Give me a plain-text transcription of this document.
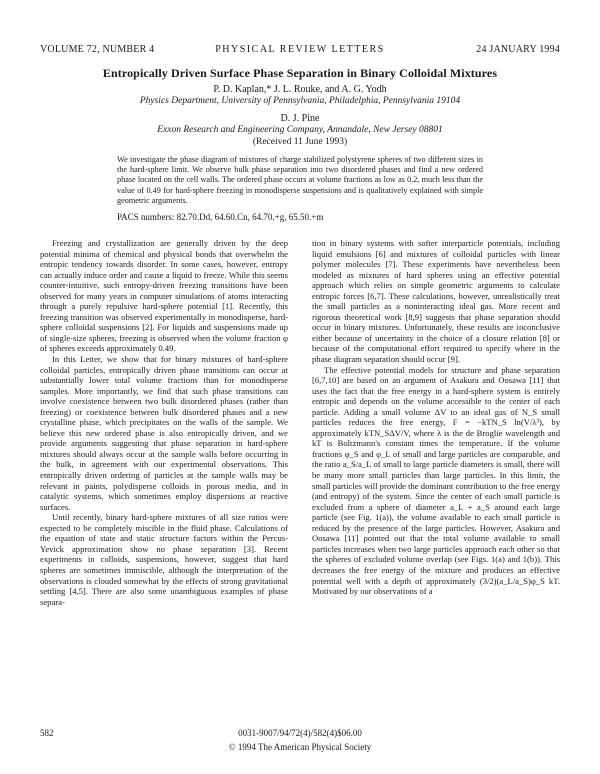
VOLUME 72, NUMBER 4	PHYSICAL REVIEW LETTERS	24 JANUARY 1994
Entropically Driven Surface Phase Separation in Binary Colloidal Mixtures
P. D. Kaplan,* J. L. Rouke, and A. G. Yodh
Physics Department, University of Pennsylvania, Philadelphia, Pennsylvania 19104
D. J. Pine
Exxon Research and Engineering Company, Annandale, New Jersey 08801
(Received 11 June 1993)

We investigate the phase diagram of mixtures of charge stabilized polystyrene spheres of two different sizes in the hard-sphere limit. We observe bulk phase separation into two disordered phases and find a new ordered phase located on the cell walls. The ordered phase occurs at volume fractions as low as 0.2, much less than the value of 0.49 for hard-sphere freezing in monodisperse suspensions and is qualitatively explained with simple geometric arguments.

PACS numbers: 82.70.Dd, 64.60.Cn, 64.70.+g, 65.50.+m

Freezing and crystallization are generally driven by the deep potential minima of chemical and physical bonds that overwhelm the entropic tendency towards disorder. In some cases, however, entropy can actually induce order and cause a liquid to freeze. While this seems counter-intuitive, such entropy-driven freezing transitions have been observed for many years in computer simulations of atoms interacting through a purely repulsive hard-sphere potential [1]. Recently, this freezing transition was observed experimentally in monodisperse, hard-sphere colloidal suspensions [2]. For liquids and suspensions made up of single-size spheres, freezing is observed when the volume fraction φ of spheres exceeds approximately 0.49.

In this Letter, we show that for binary mixtures of hard-sphere colloidal particles, entropically driven phase transitions can occur at substantially lower total volume fractions than for monodisperse samples. More importantly, we find that such phase transitions can involve coexistence between two bulk disordered phases (rather than freezing) or coexistence between bulk disordered phases and a new crystalline phase, which precipitates on the walls of the sample. We believe this new ordered phase is also entropically driven, and we provide arguments suggesting that phase separation in hard-sphere mixtures should always occur at the sample walls before occurring in the bulk, in agreement with our experimental observations. This entropically driven ordering of particles at the sample walls may be relevant in paints, polydisperse colloids in porous media, and in catalytic systems, which sometimes employ dispersions at reactive surfaces.

Until recently, binary hard-sphere mixtures of all size ratios were expected to be completely miscible in the fluid phase. Calculations of the equation of state and static structure factors within the Percus-Yevick approximation show no phase separation [3]. Recent experiments in colloids, suspensions, however, suggest that hard spheres are sometimes immiscible, although the interpretation of the observations is clouded somewhat by the effects of strong gravitational settling [4,5]. There are also some unambiguous examples of phase separa-

tion in binary systems with softer interparticle potentials, including liquid emulsions [6] and mixtures of colloidal particles with linear polymer molecules [7]. These experiments have nevertheless been modeled as mixtures of hard spheres using an effective potential approach which relies on simple geometric arguments to calculate entropic forces [6,7]. These calculations, however, unrealistically treat the small particles as a noninteracting ideal gas. More recent and rigorous theoretical work [8,9] suggests that phase separation should occur in binary mixtures. Unfortunately, these results are inconclusive either because of uncertainty in the choice of a closure relation [8] or because of the computational effort required to specify where in the phase diagram separation should occur [9].

The effective potential models for structure and phase separation [6,7,10] are based on an argument of Asakura and Oosawa [11] that uses the fact that the free energy in a hard-sphere system is entirely entropic and depends on the volume accessible to the center of each particle. Adding a small volume ΔV to an ideal gas of N_S small particles reduces the free energy, F = −kTN_S ln(V/λ³), by approximately kTN_SΔV/V, where λ is the de Broglie wavelength and kT is Boltzmann's constant times the temperature. If the volume fractions φ_S and φ_L of small and large particles are comparable, and the ratio a_S/a_L of small to large particle diameters is small, there will be many more small particles than large particles. In this limit, the small particles will provide the dominant contribution to the free energy (and entropy) of the system. Since the center of each small particle is excluded from a sphere of diameter a_L + a_S around each large particle (see Fig. 1(a)), the volume available to each small particle is reduced by the presence of the large particles. However, Asakura and Oosawa [11] pointed out that the total volume available to small particles increases when two large particles approach each other so that the spheres of excluded volume overlap (see Figs. 1(a) and 1(b)). This decreases the free energy of the mixture and produces an effective potential well with a depth of approximately (3/2)(a_L/a_S)φ_S kT. Motivated by our observations of a

582	0031-9007/94/72(4)/582(4)$06.00
© 1994 The American Physical Society
